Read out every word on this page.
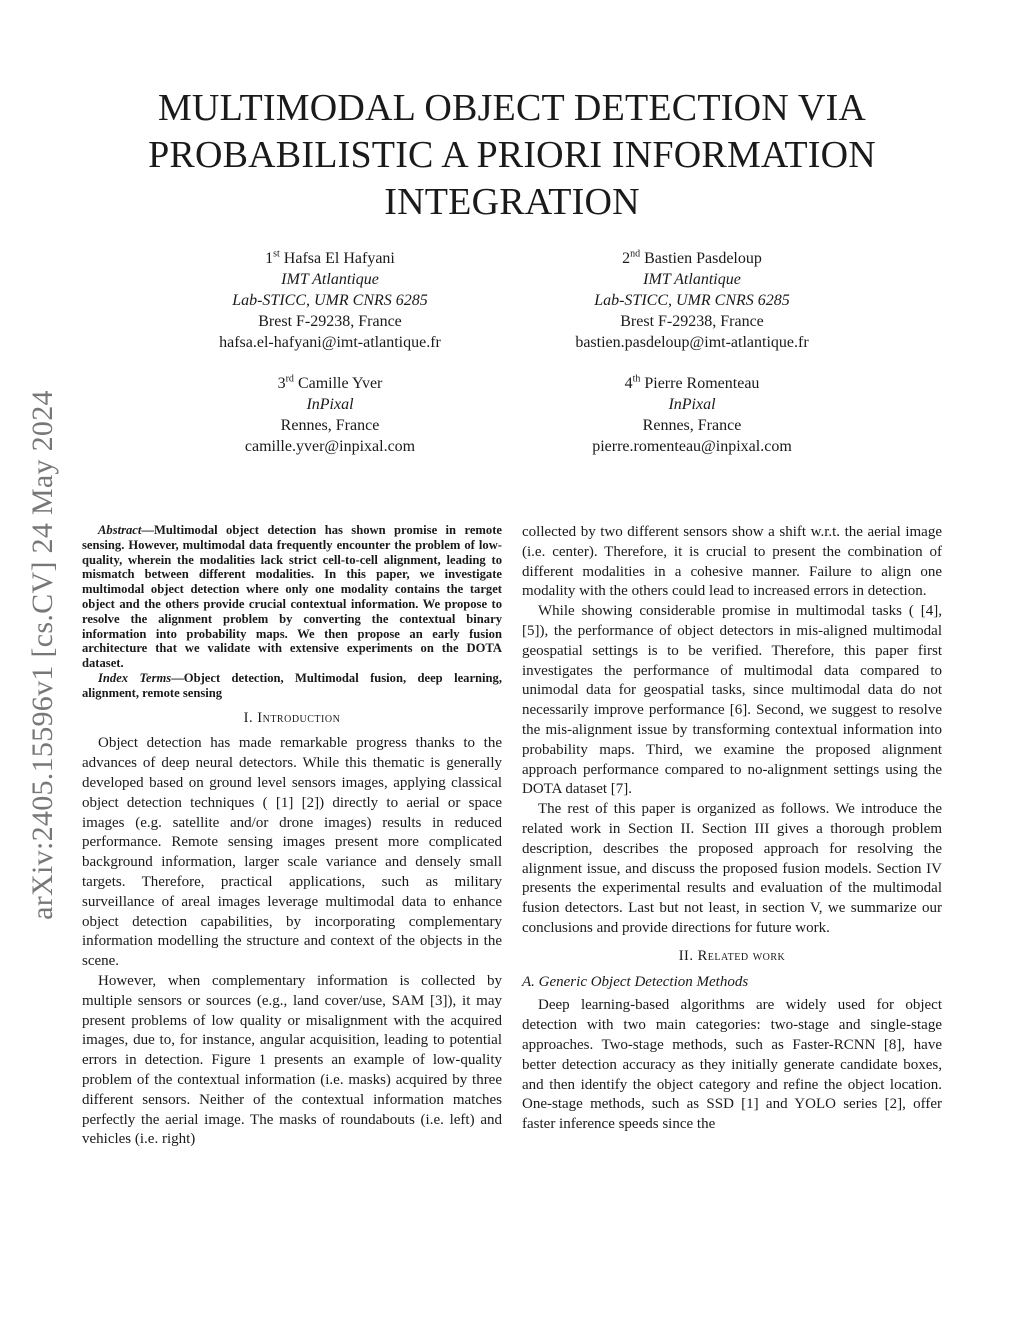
arXiv:2405.15596v1 [cs.CV] 24 May 2024
MULTIMODAL OBJECT DETECTION VIA PROBABILISTIC A PRIORI INFORMATION INTEGRATION
1st Hafsa El Hafyani
IMT Atlantique
Lab-STICC, UMR CNRS 6285
Brest F-29238, France
hafsa.el-hafyani@imt-atlantique.fr
2nd Bastien Pasdeloup
IMT Atlantique
Lab-STICC, UMR CNRS 6285
Brest F-29238, France
bastien.pasdeloup@imt-atlantique.fr
3rd Camille Yver
InPixal
Rennes, France
camille.yver@inpixal.com
4th Pierre Romenteau
InPixal
Rennes, France
pierre.romenteau@inpixal.com

Abstract—Multimodal object detection has shown promise in remote sensing. However, multimodal data frequently encounter the problem of low-quality, wherein the modalities lack strict cell-to-cell alignment, leading to mismatch between different modalities. In this paper, we investigate multimodal object detection where only one modality contains the target object and the others provide crucial contextual information. We propose to resolve the alignment problem by converting the contextual binary information into probability maps. We then propose an early fusion architecture that we validate with extensive experiments on the DOTA dataset.

Index Terms—Object detection, Multimodal fusion, deep learning, alignment, remote sensing

I. Introduction

Object detection has made remarkable progress thanks to the advances of deep neural detectors. While this thematic is generally developed based on ground level sensors images, applying classical object detection techniques ( [1] [2]) directly to aerial or space images (e.g. satellite and/or drone images) results in reduced performance. Remote sensing images present more complicated background information, larger scale variance and densely small targets. Therefore, practical applications, such as military surveillance of areal images leverage multimodal data to enhance object detection capabilities, by incorporating complementary information modelling the structure and context of the objects in the scene.

However, when complementary information is collected by multiple sensors or sources (e.g., land cover/use, SAM [3]), it may present problems of low quality or misalignment with the acquired images, due to, for instance, angular acquisition, leading to potential errors in detection. Figure 1 presents an example of low-quality problem of the contextual information (i.e. masks) acquired by three different sensors. Neither of the contextual information matches perfectly the aerial image. The masks of roundabouts (i.e. left) and vehicles (i.e. right)

collected by two different sensors show a shift w.r.t. the aerial image (i.e. center). Therefore, it is crucial to present the combination of different modalities in a cohesive manner. Failure to align one modality with the others could lead to increased errors in detection.

While showing considerable promise in multimodal tasks ( [4], [5]), the performance of object detectors in mis-aligned multimodal geospatial settings is to be verified. Therefore, this paper first investigates the performance of multimodal data compared to unimodal data for geospatial tasks, since multimodal data do not necessarily improve performance [6]. Second, we suggest to resolve the mis-alignment issue by transforming contextual information into probability maps. Third, we examine the proposed alignment approach performance compared to no-alignment settings using the DOTA dataset [7].

The rest of this paper is organized as follows. We introduce the related work in Section II. Section III gives a thorough problem description, describes the proposed approach for resolving the alignment issue, and discuss the proposed fusion models. Section IV presents the experimental results and evaluation of the multimodal fusion detectors. Last but not least, in section V, we summarize our conclusions and provide directions for future work.

II. Related work
A. Generic Object Detection Methods

Deep learning-based algorithms are widely used for object detection with two main categories: two-stage and single-stage approaches. Two-stage methods, such as Faster-RCNN [8], have better detection accuracy as they initially generate candidate boxes, and then identify the object category and refine the object location. One-stage methods, such as SSD [1] and YOLO series [2], offer faster inference speeds since the
